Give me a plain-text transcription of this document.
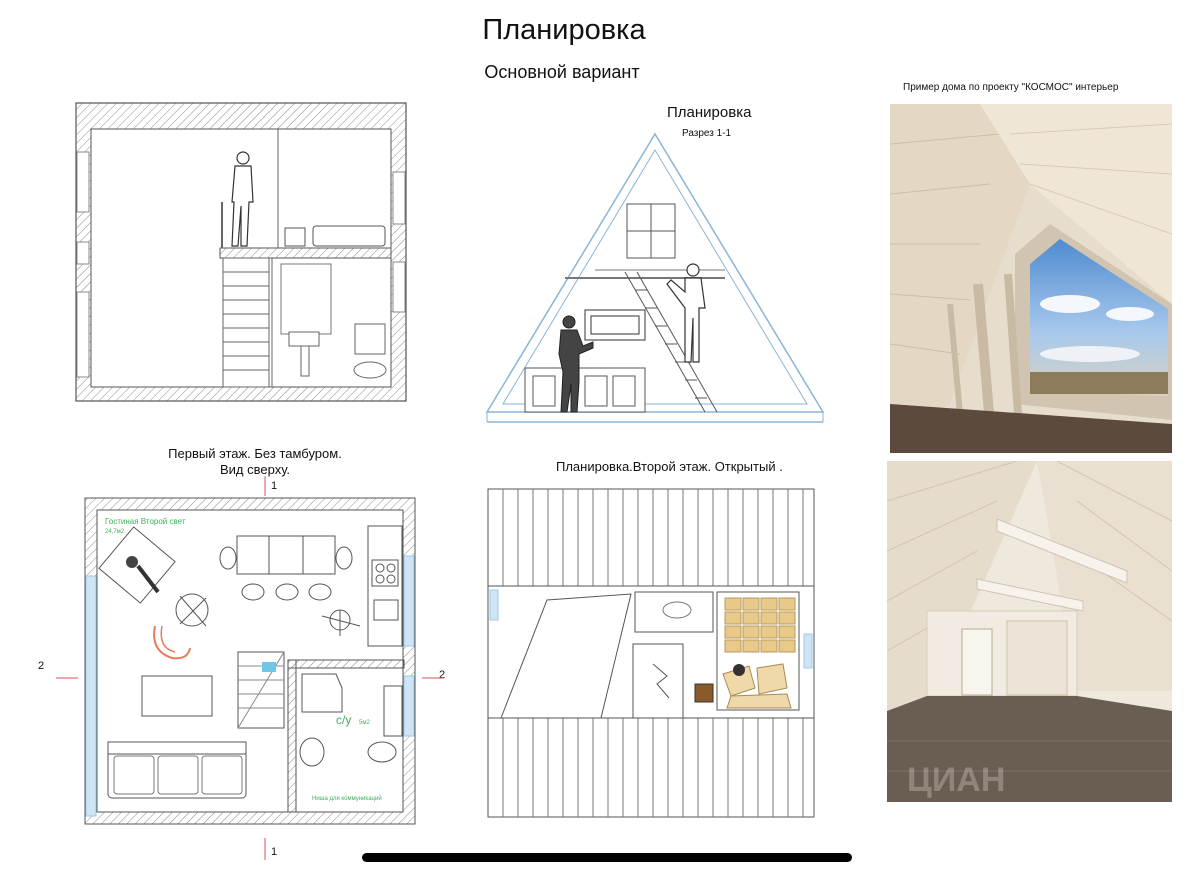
Планировка
Основной вариант
Планировка
Разрез 1-1
Пример дома по проекту "КОСМОС" интерьер
ЦИАН
Первый этаж. Без тамбуром.
Вид сверху.
1
1
2
2
Гостиная Второй свет
24,7м2
с/у 5м2
Ниша для коммуникаций
Планировка.Второй этаж. Открытый .
